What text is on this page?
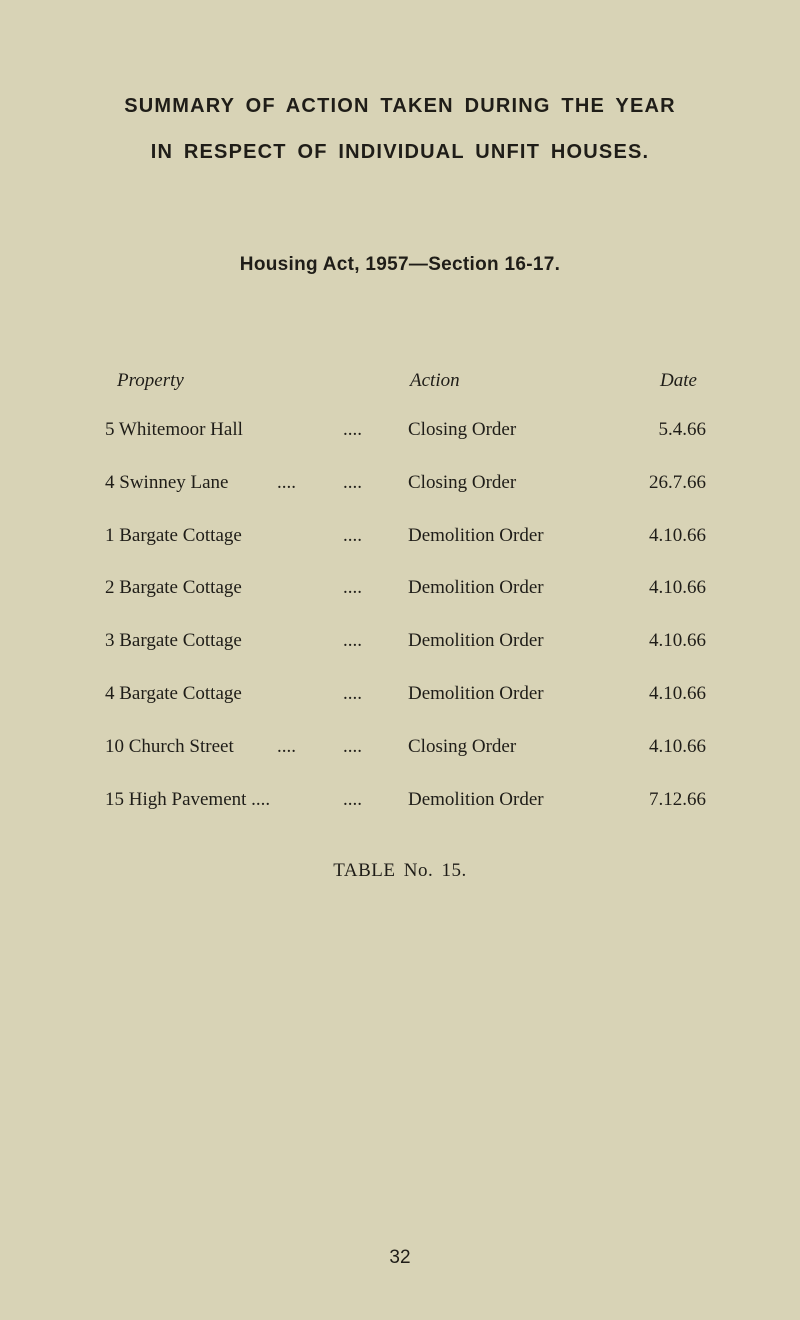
SUMMARY OF ACTION TAKEN DURING THE YEAR
IN RESPECT OF INDIVIDUAL UNFIT HOUSES.
Housing Act, 1957—Section 16-17.
Property	Action	Date
5 Whitemoor Hall	.... Closing Order	5.4.66
4 Swinney Lane	.... .... Closing Order	26.7.66
1 Bargate Cottage	.... Demolition Order	4.10.66
2 Bargate Cottage	.... Demolition Order	4.10.66
3 Bargate Cottage	.... Demolition Order	4.10.66
4 Bargate Cottage	.... Demolition Order	4.10.66
10 Church Street .... .... Closing Order	4.10.66
15 High Pavement ....	.... Demolition Order	7.12.66
TABLE No. 15.
32
